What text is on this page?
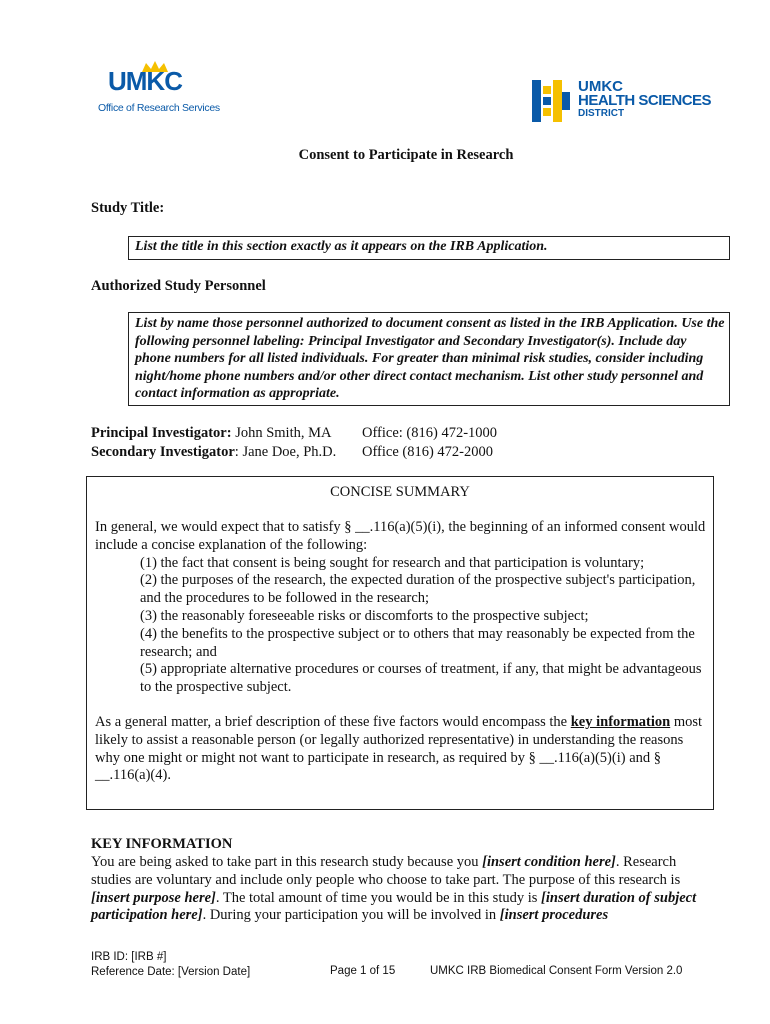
UMKC
Office of Research Services
UMKC
HEALTH SCIENCES
DISTRICT
Consent to Participate in Research
Study Title:
List the title in this section exactly as it appears on the IRB Application.
Authorized Study Personnel
List by name those personnel authorized to document consent as listed in the IRB Application. Use the following personnel labeling: Principal Investigator and Secondary Investigator(s). Include day phone numbers for all listed individuals. For greater than minimal risk studies, consider including night/home phone numbers and/or other direct contact mechanism. List other study personnel and contact information as appropriate.
Principal Investigator: John Smith, MA Office: (816) 472-1000
Secondary Investigator: Jane Doe, Ph.D. Office (816) 472-2000
CONCISE SUMMARY
In general, we would expect that to satisfy § __.116(a)(5)(i), the beginning of an informed consent would include a concise explanation of the following:
(1) the fact that consent is being sought for research and that participation is voluntary;
(2) the purposes of the research, the expected duration of the prospective subject's participation, and the procedures to be followed in the research;
(3) the reasonably foreseeable risks or discomforts to the prospective subject;
(4) the benefits to the prospective subject or to others that may reasonably be expected from the research; and
(5) appropriate alternative procedures or courses of treatment, if any, that might be advantageous to the prospective subject.
As a general matter, a brief description of these five factors would encompass the key information most likely to assist a reasonable person (or legally authorized representative) in understanding the reasons why one might or might not want to participate in research, as required by § __.116(a)(5)(i) and § __.116(a)(4).
KEY INFORMATION
You are being asked to take part in this research study because you [insert condition here]. Research studies are voluntary and include only people who choose to take part. The purpose of this research is [insert purpose here]. The total amount of time you would be in this study is [insert duration of subject participation here]. During your participation you will be involved in [insert procedures
IRB ID: [IRB #]
Reference Date: [Version Date]	Page 1 of 15	UMKC IRB Biomedical Consent Form Version 2.0
